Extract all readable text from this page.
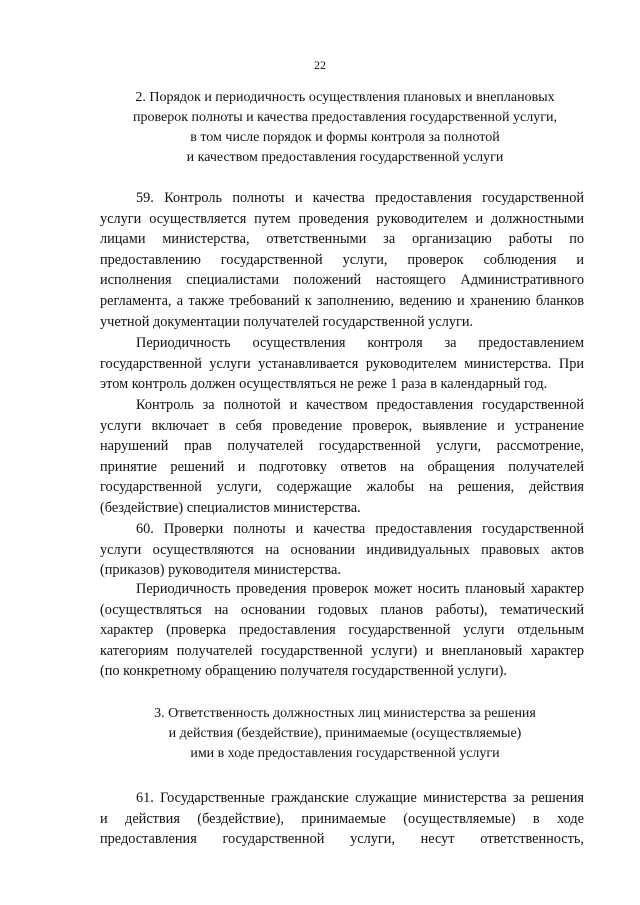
22
2. Порядок и периодичность осуществления плановых и внеплановых
проверок полноты и качества предоставления государственной услуги,
в том числе порядок и формы контроля за полнотой
и качеством предоставления государственной услуги
59. Контроль полноты и качества предоставления государственной
услуги осуществляется путем проведения руководителем и должностными
лицами министерства, ответственными за организацию работы по
предоставлению государственной услуги, проверок соблюдения и
исполнения специалистами положений настоящего Административного
регламента, а также требований к заполнению, ведению и хранению бланков
учетной документации получателей государственной услуги.
Периодичность осуществления контроля за предоставлением
государственной услуги устанавливается руководителем министерства. При
этом контроль должен осуществляться не реже 1 раза в календарный год.
Контроль за полнотой и качеством предоставления государственной
услуги включает в себя проведение проверок, выявление и устранение
нарушений прав получателей государственной услуги, рассмотрение,
принятие решений и подготовку ответов на обращения получателей
государственной услуги, содержащие жалобы на решения, действия
(бездействие) специалистов министерства.
60. Проверки полноты и качества предоставления государственной
услуги осуществляются на основании индивидуальных правовых актов
(приказов) руководителя министерства.
Периодичность проведения проверок может носить плановый характер
(осуществляться на основании годовых планов работы), тематический
характер (проверка предоставления государственной услуги отдельным
категориям получателей государственной услуги) и внеплановый характер
(по конкретному обращению получателя государственной услуги).
3. Ответственность должностных лиц министерства за решения
и действия (бездействие), принимаемые (осуществляемые)
ими в ходе предоставления государственной услуги
61. Государственные гражданские служащие министерства за решения
и действия (бездействие), принимаемые (осуществляемые) в ходе
предоставления государственной услуги, несут ответственность,
